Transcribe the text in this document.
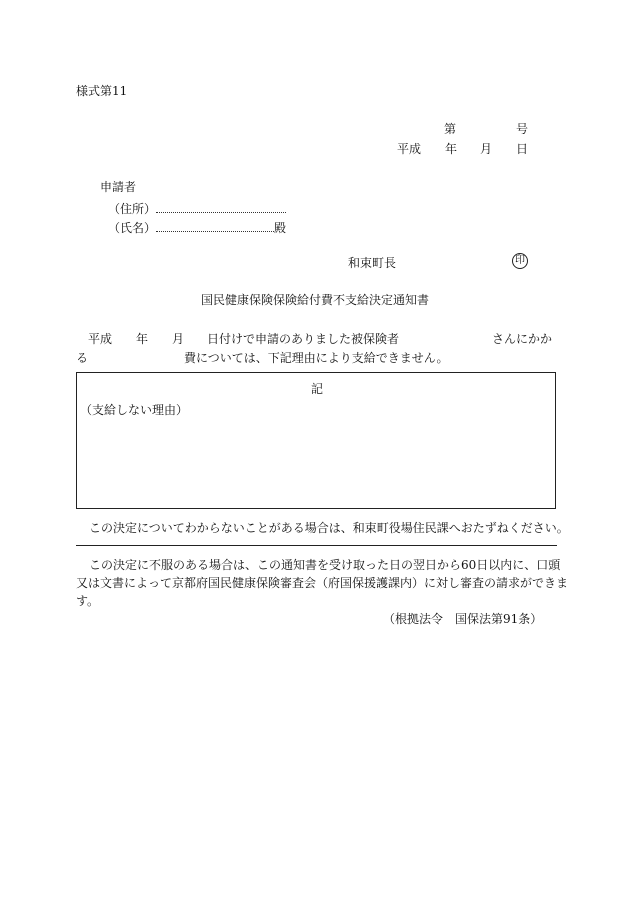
様式第11
第	号
平成 年 月 日
申請者
（住所）
（氏名）	殿
和束町長	印
国民健康保険保険給付費不支給決定通知書
平成 年 月 日付けで申請のありました被保険者	さんにかか
る	費については、下記理由により支給できません。
記
（支給しない理由）
この決定についてわからないことがある場合は、和束町役場住民課へおたずねください。
この決定に不服のある場合は、この通知書を受け取った日の翌日から60日以内に、口頭
又は文書によって京都府国民健康保険審査会（府国保援護課内）に対し審査の請求ができま
す。
（根拠法令　国保法第91条）
